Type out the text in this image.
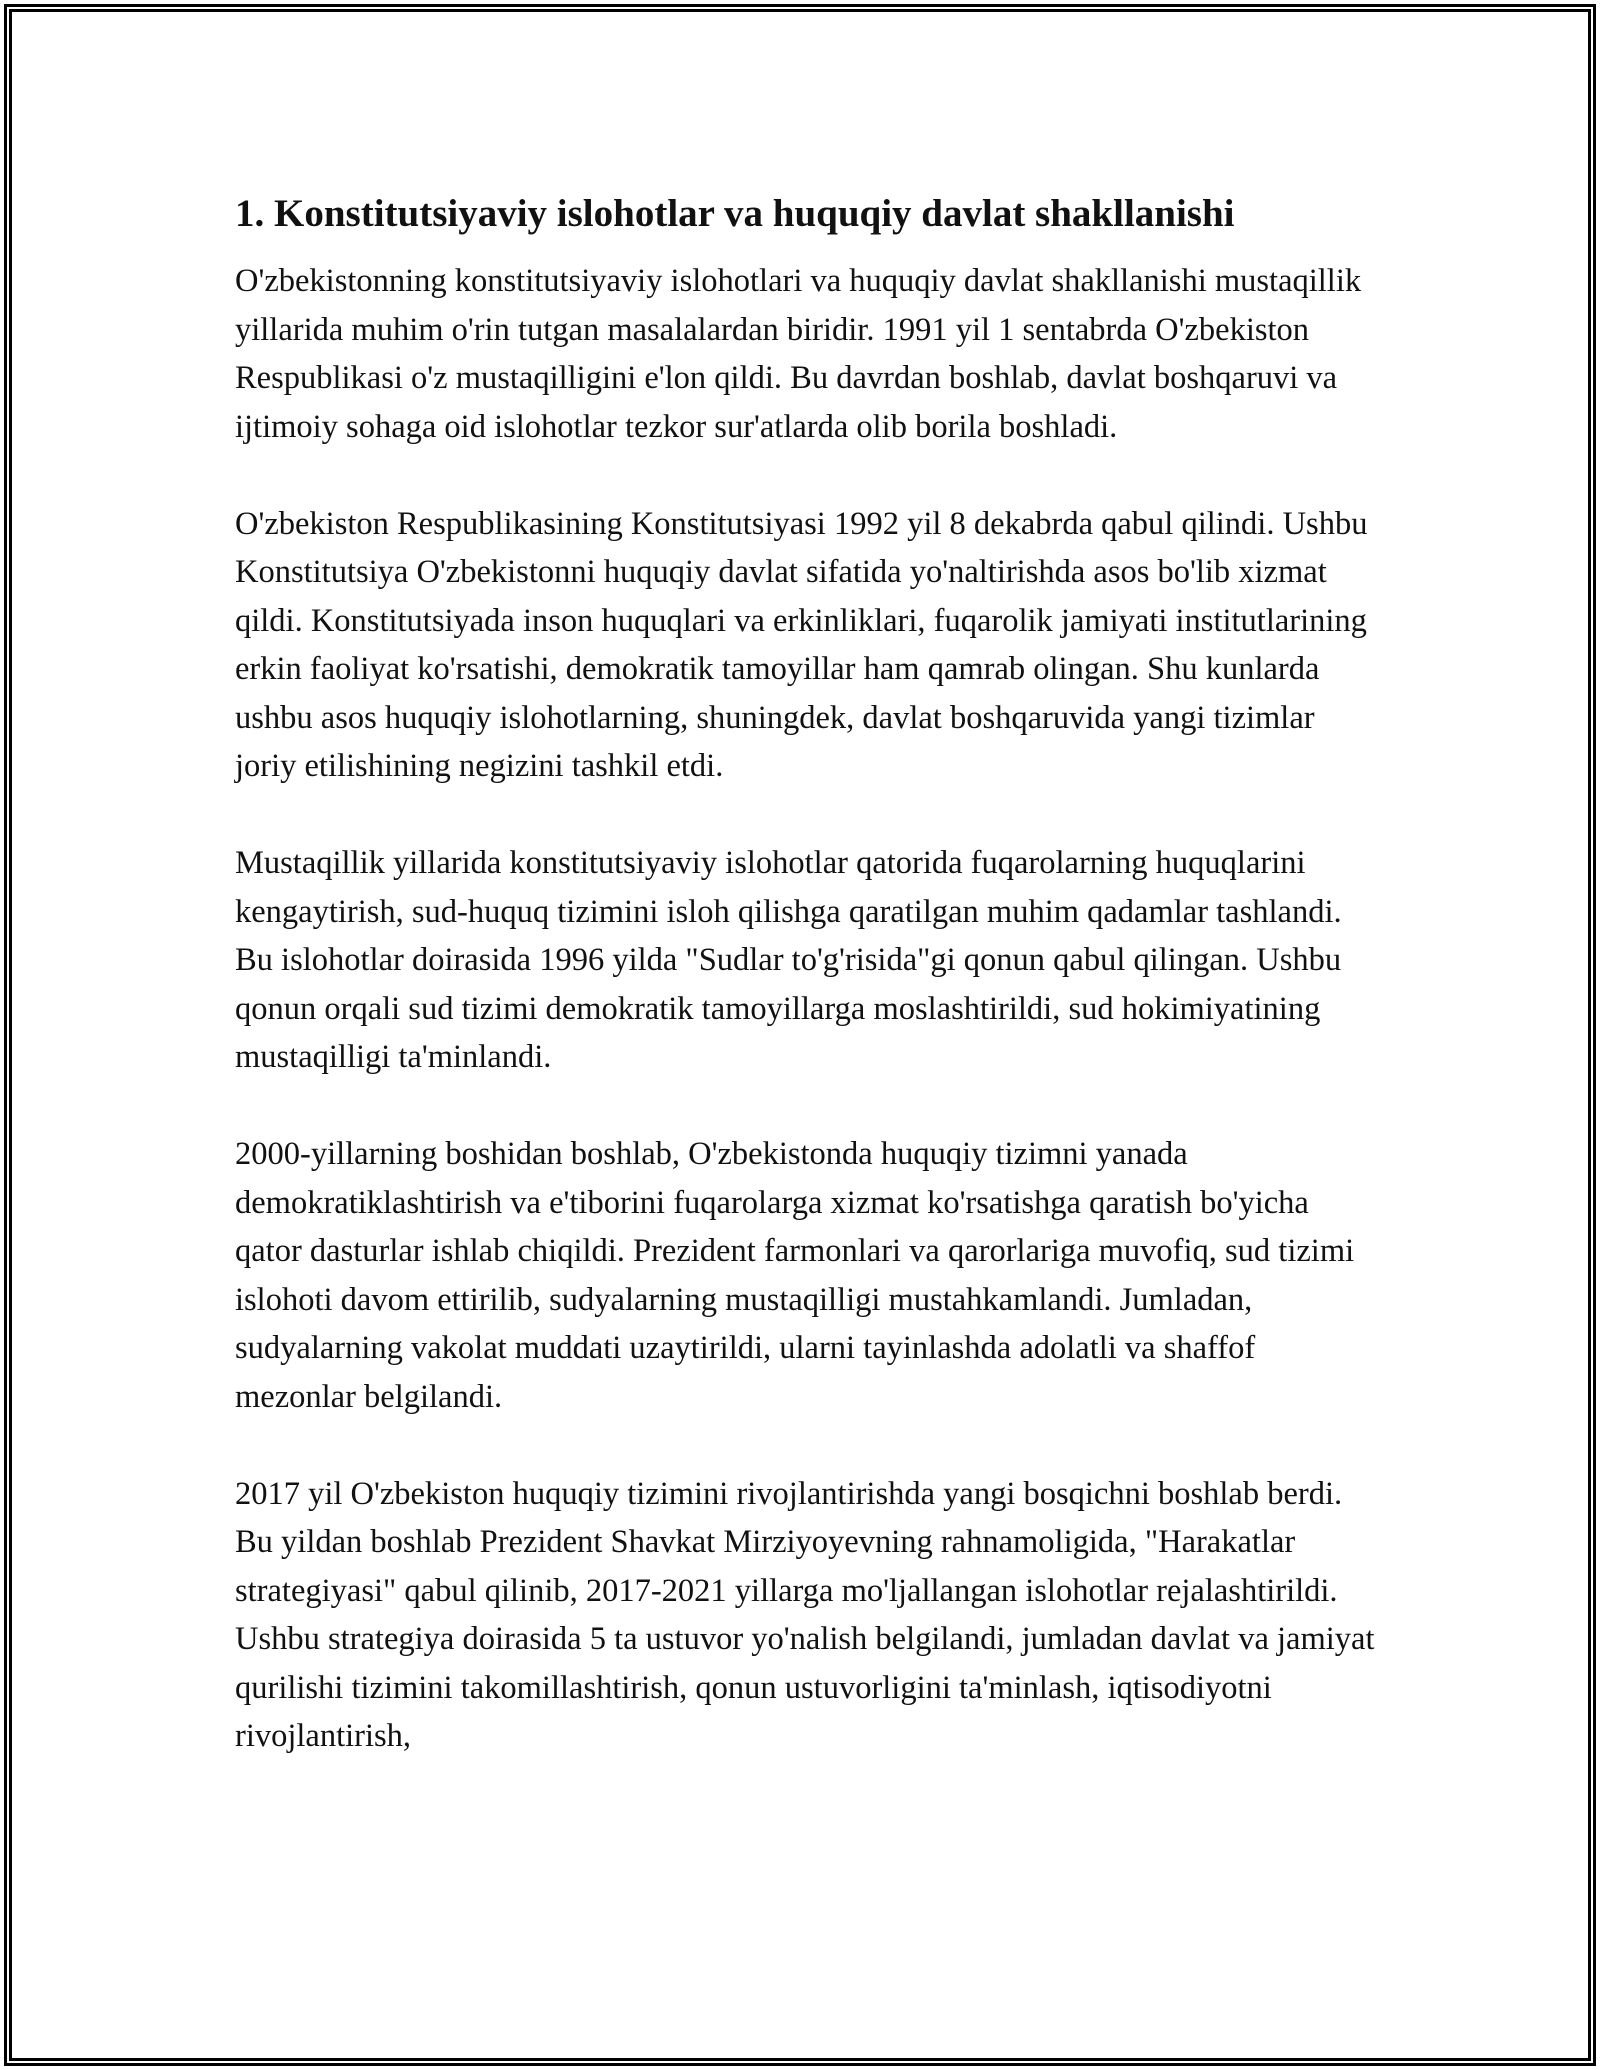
1. Konstitutsiyaviy islohotlar va huquqiy davlat shakllanishi

O'zbekistonning konstitutsiyaviy islohotlari va huquqiy davlat shakllanishi mustaqillik yillarida muhim o'rin tutgan masalalardan biridir. 1991 yil 1 sentabrda O'zbekiston Respublikasi o'z mustaqilligini e'lon qildi. Bu davrdan boshlab, davlat boshqaruvi va ijtimoiy sohaga oid islohotlar tezkor sur'atlarda olib borila boshladi.

O'zbekiston Respublikasining Konstitutsiyasi 1992 yil 8 dekabrda qabul qilindi. Ushbu Konstitutsiya O'zbekistonni huquqiy davlat sifatida yo'naltirishda asos bo'lib xizmat qildi. Konstitutsiyada inson huquqlari va erkinliklari, fuqarolik jamiyati institutlarining erkin faoliyat ko'rsatishi, demokratik tamoyillar ham qamrab olingan. Shu kunlarda ushbu asos huquqiy islohotlarning, shuningdek, davlat boshqaruvida yangi tizimlar joriy etilishining negizini tashkil etdi.

Mustaqillik yillarida konstitutsiyaviy islohotlar qatorida fuqarolarning huquqlarini kengaytirish, sud-huquq tizimini isloh qilishga qaratilgan muhim qadamlar tashlandi. Bu islohotlar doirasida 1996 yilda "Sudlar to'g'risida"gi qonun qabul qilingan. Ushbu qonun orqali sud tizimi demokratik tamoyillarga moslashtirildi, sud hokimiyatining mustaqilligi ta'minlandi.

2000-yillarning boshidan boshlab, O'zbekistonda huquqiy tizimni yanada demokratiklashtirish va e'tiborini fuqarolarga xizmat ko'rsatishga qaratish bo'yicha qator dasturlar ishlab chiqildi. Prezident farmonlari va qarorlariga muvofiq, sud tizimi islohoti davom ettirilib, sudyalarning mustaqilligi mustahkamlandi. Jumladan, sudyalarning vakolat muddati uzaytirildi, ularni tayinlashda adolatli va shaffof mezonlar belgilandi.

2017 yil O'zbekiston huquqiy tizimini rivojlantirishda yangi bosqichni boshlab berdi. Bu yildan boshlab Prezident Shavkat Mirziyoyevning rahnamoligida, "Harakatlar strategiyasi" qabul qilinib, 2017-2021 yillarga mo'ljallangan islohotlar rejalashtirildi. Ushbu strategiya doirasida 5 ta ustuvor yo'nalish belgilandi, jumladan davlat va jamiyat qurilishi tizimini takomillashtirish, qonun ustuvorligini ta'minlash, iqtisodiyotni rivojlantirish,
